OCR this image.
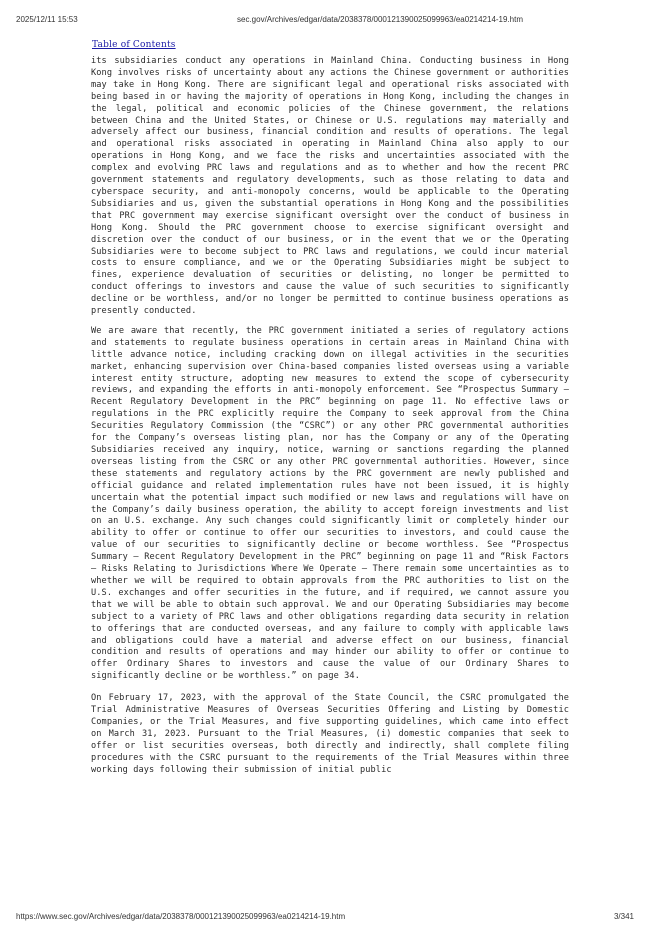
2025/12/11 15:53	sec.gov/Archives/edgar/data/2038378/000121390025099963/ea0214214-19.htm
Table of Contents

its subsidiaries conduct any operations in Mainland China. Conducting business in Hong Kong involves risks of uncertainty about any actions the Chinese government or authorities may take in Hong Kong. There are significant legal and operational risks associated with being based in or having the majority of operations in Hong Kong, including the changes in the legal, political and economic policies of the Chinese government, the relations between China and the United States, or Chinese or U.S. regulations may materially and adversely affect our business, financial condition and results of operations. The legal and operational risks associated in operating in Mainland China also apply to our operations in Hong Kong, and we face the risks and uncertainties associated with the complex and evolving PRC laws and regulations and as to whether and how the recent PRC government statements and regulatory developments, such as those relating to data and cyberspace security, and anti-monopoly concerns, would be applicable to the Operating Subsidiaries and us, given the substantial operations in Hong Kong and the possibilities that PRC government may exercise significant oversight over the conduct of business in Hong Kong. Should the PRC government choose to exercise significant oversight and discretion over the conduct of our business, or in the event that we or the Operating Subsidiaries were to become subject to PRC laws and regulations, we could incur material costs to ensure compliance, and we or the Operating Subsidiaries might be subject to fines, experience devaluation of securities or delisting, no longer be permitted to conduct offerings to investors and cause the value of such securities to significantly decline or be worthless, and/or no longer be permitted to continue business operations as presently conducted.

We are aware that recently, the PRC government initiated a series of regulatory actions and statements to regulate business operations in certain areas in Mainland China with little advance notice, including cracking down on illegal activities in the securities market, enhancing supervision over China-based companies listed overseas using a variable interest entity structure, adopting new measures to extend the scope of cybersecurity reviews, and expanding the efforts in anti-monopoly enforcement. See “Prospectus Summary — Recent Regulatory Development in the PRC” beginning on page 11. No effective laws or regulations in the PRC explicitly require the Company to seek approval from the China Securities Regulatory Commission (the “CSRC”) or any other PRC governmental authorities for the Company’s overseas listing plan, nor has the Company or any of the Operating Subsidiaries received any inquiry, notice, warning or sanctions regarding the planned overseas listing from the CSRC or any other PRC governmental authorities. However, since these statements and regulatory actions by the PRC government are newly published and official guidance and related implementation rules have not been issued, it is highly uncertain what the potential impact such modified or new laws and regulations will have on the Company’s daily business operation, the ability to accept foreign investments and list on an U.S. exchange. Any such changes could significantly limit or completely hinder our ability to offer or continue to offer our securities to investors, and could cause the value of our securities to significantly decline or become worthless. See “Prospectus Summary — Recent Regulatory Development in the PRC” beginning on page 11 and “Risk Factors — Risks Relating to Jurisdictions Where We Operate — There remain some uncertainties as to whether we will be required to obtain approvals from the PRC authorities to list on the U.S. exchanges and offer securities in the future, and if required, we cannot assure you that we will be able to obtain such approval. We and our Operating Subsidiaries may become subject to a variety of PRC laws and other obligations regarding data security in relation to offerings that are conducted overseas, and any failure to comply with applicable laws and obligations could have a material and adverse effect on our business, financial condition and results of operations and may hinder our ability to offer or continue to offer Ordinary Shares to investors and cause the value of our Ordinary Shares to significantly decline or be worthless.” on page 34.

On February 17, 2023, with the approval of the State Council, the CSRC promulgated the Trial Administrative Measures of Overseas Securities Offering and Listing by Domestic Companies, or the Trial Measures, and five supporting guidelines, which came into effect on March 31, 2023. Pursuant to the Trial Measures, (i) domestic companies that seek to offer or list securities overseas, both directly and indirectly, shall complete filing procedures with the CSRC pursuant to the requirements of the Trial Measures within three working days following their submission of initial public

https://www.sec.gov/Archives/edgar/data/2038378/000121390025099963/ea0214214-19.htm	3/341
